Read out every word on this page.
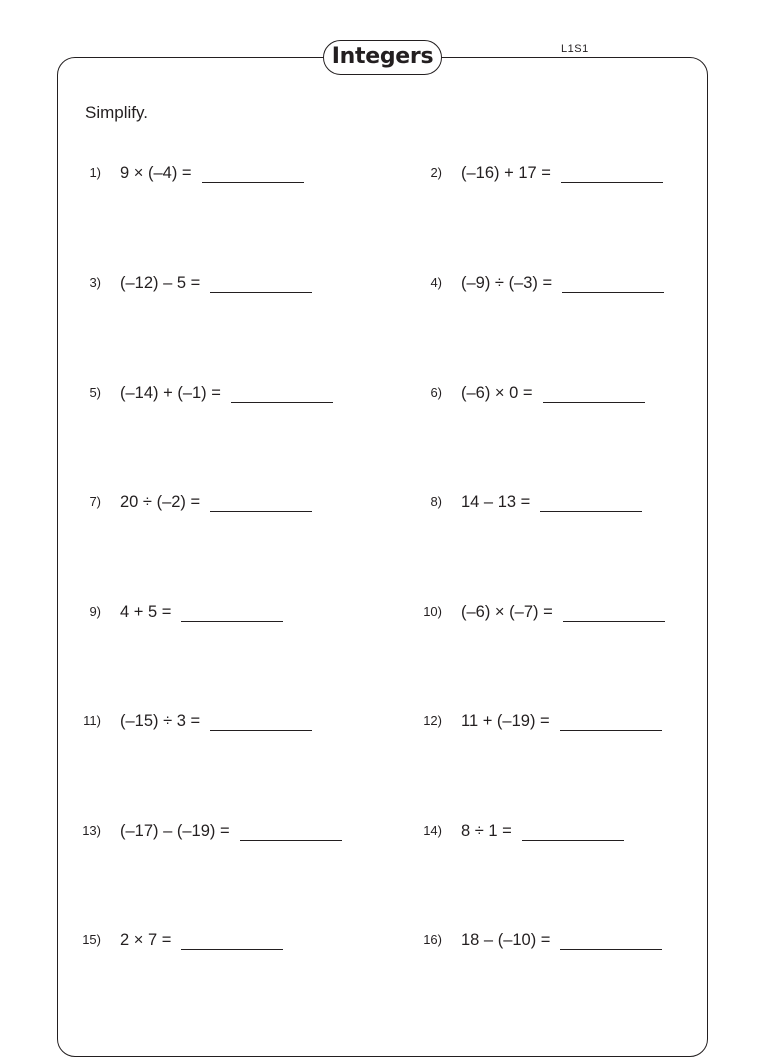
Integers	L1S1
Simplify.
1) 9 × (–4) =	2) (–16) + 17 =
3) (–12) – 5 =	4) (–9) ÷ (–3) =
5) (–14) + (–1) =	6) (–6) × 0 =
7) 20 ÷ (–2) =	8) 14 – 13 =
9) 4 + 5 =	10) (–6) × (–7) =
11) (–15) ÷ 3 =	12) 11 + (–19) =
13) (–17) – (–19) =	14) 8 ÷ 1 =
15) 2 × 7 =	16) 18 – (–10) =
